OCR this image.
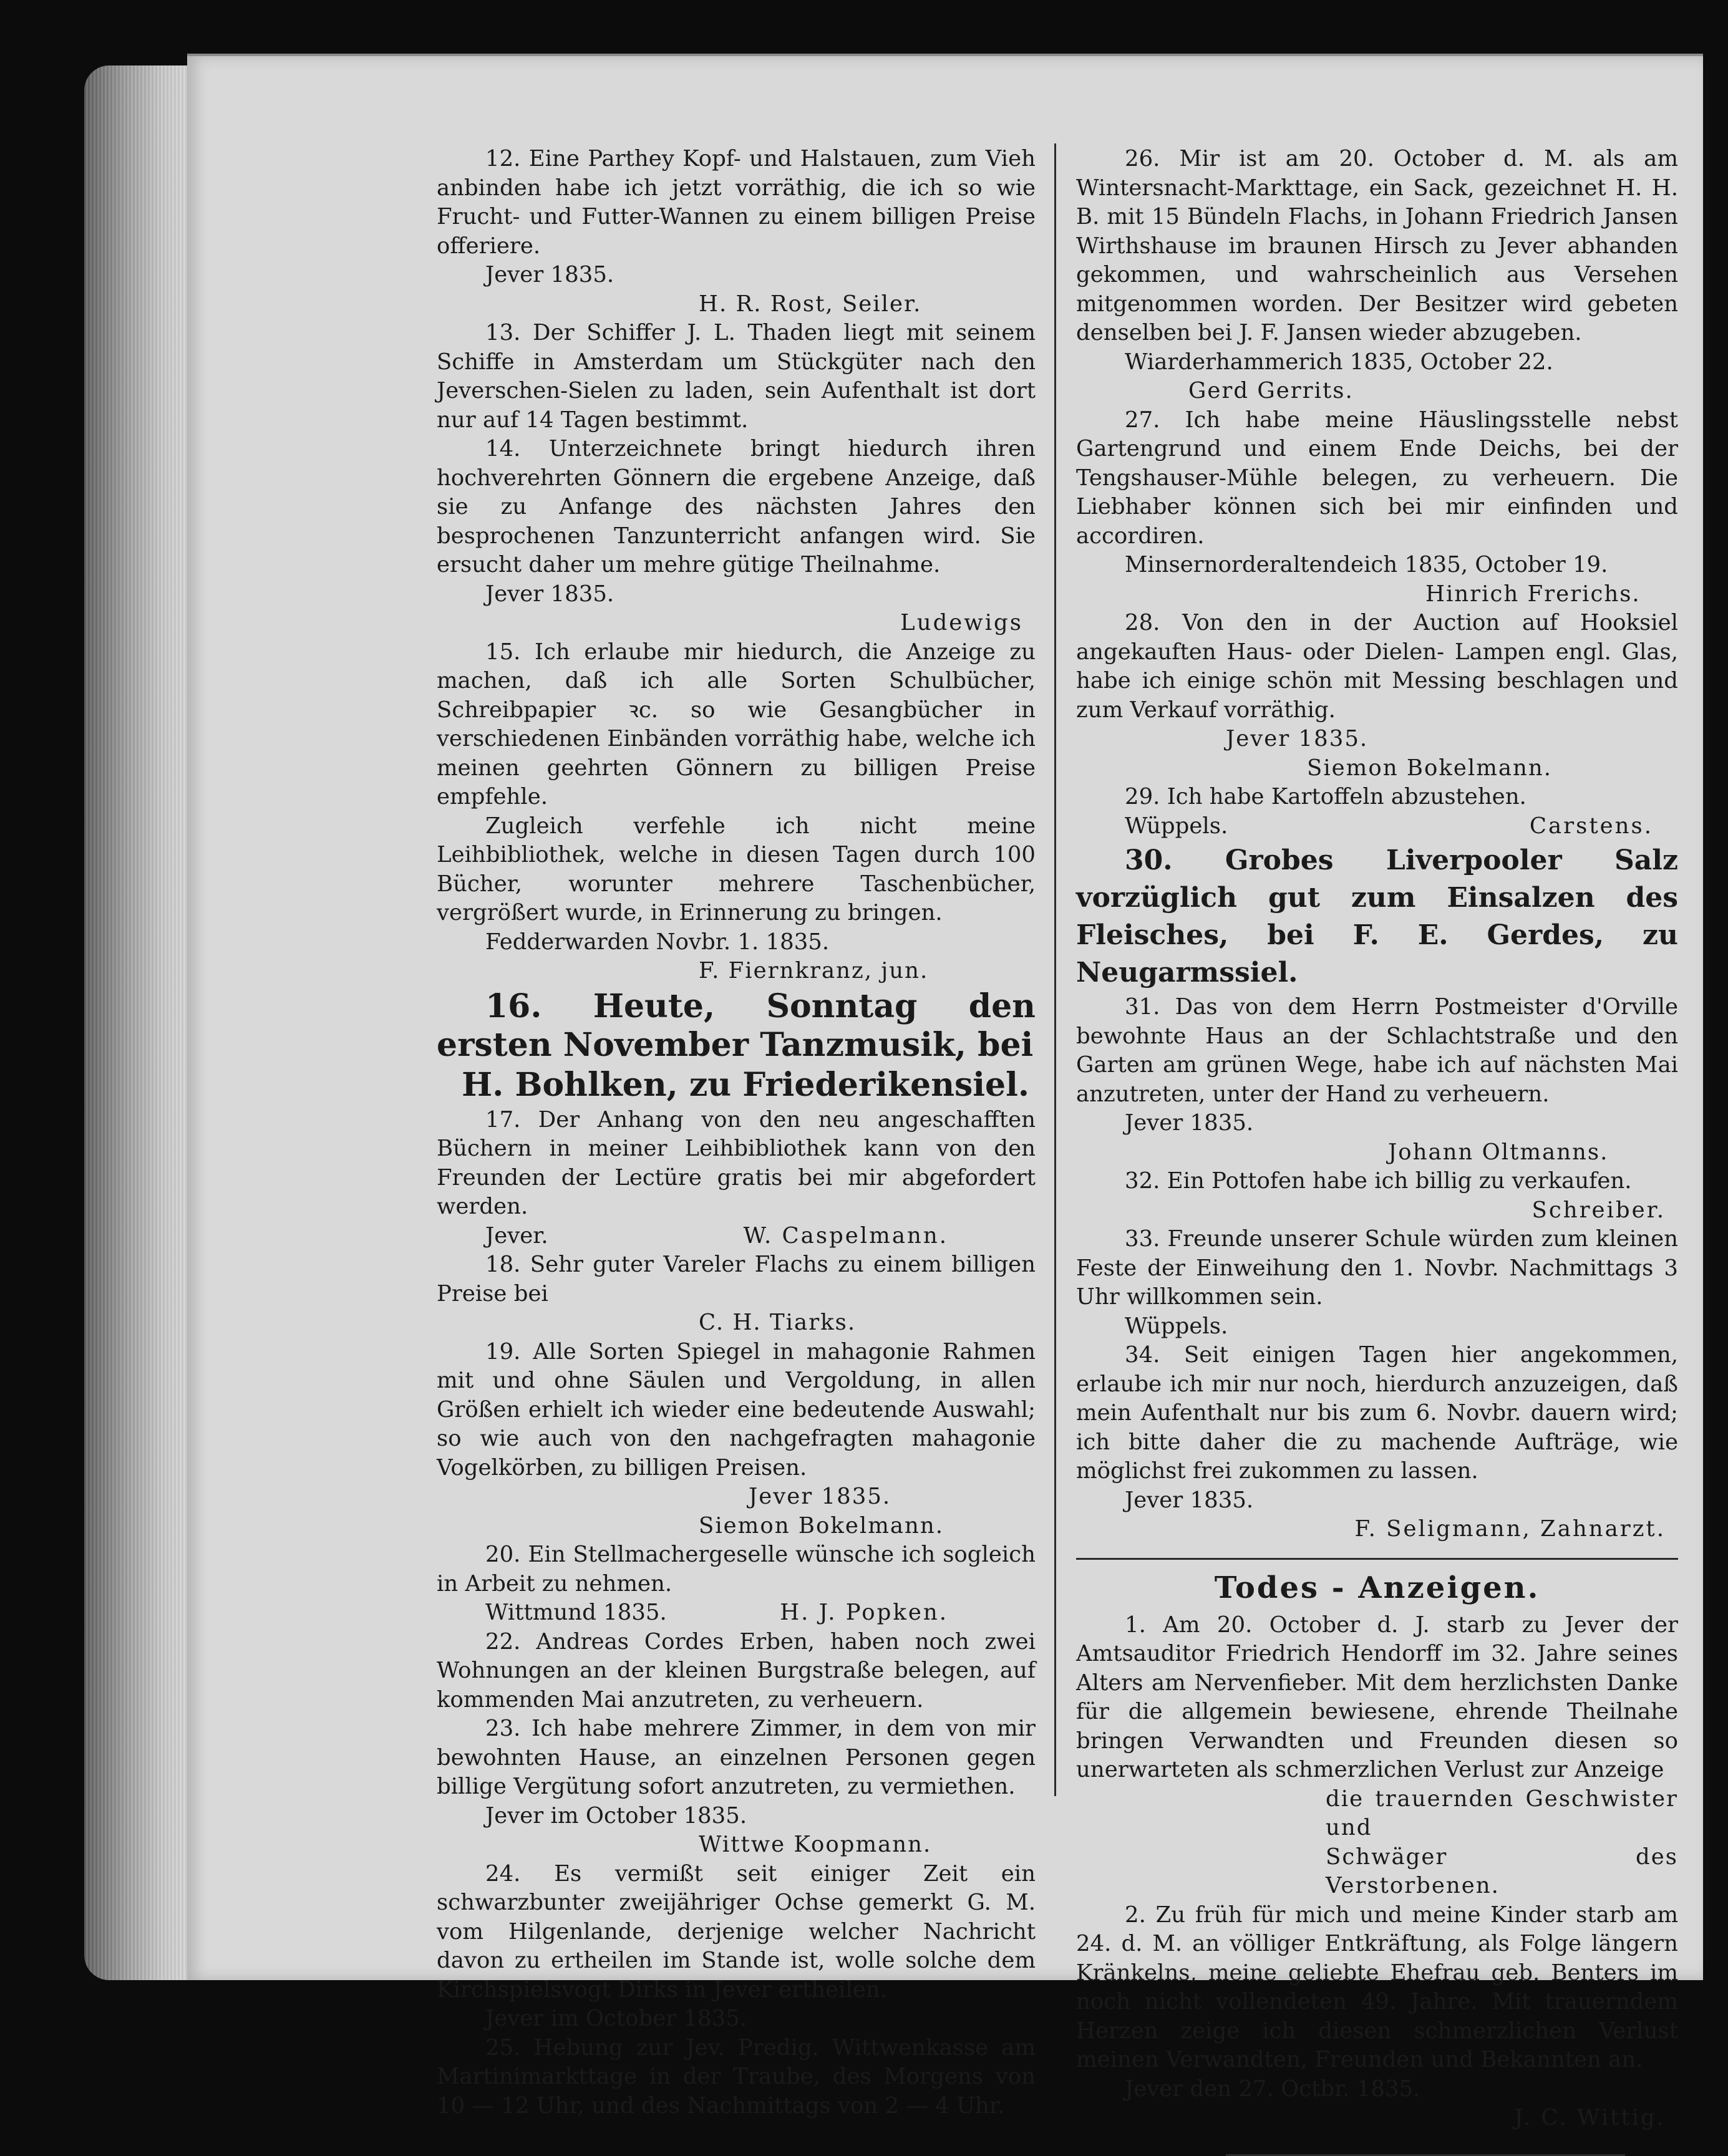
12. Eine Parthey Kopf- und Halstauen, zum Vieh anbinden habe ich jetzt vorräthig, die ich so wie Frucht- und Futter-Wannen zu einem billigen Preise offeriere.

Jever 1835.

H. R. Rost, Seiler.

13. Der Schiffer J. L. Thaden liegt mit seinem Schiffe in Amsterdam um Stückgüter nach den Jeverschen-Sielen zu laden, sein Aufenthalt ist dort nur auf 14 Tagen bestimmt.

14. Unterzeichnete bringt hiedurch ihren hochverehrten Gönnern die ergebene Anzeige, daß sie zu Anfange des nächsten Jahres den besprochenen Tanzunterricht anfangen wird. Sie ersucht daher um mehre gütige Theilnahme.

Jever 1835.

Ludewigs

15. Ich erlaube mir hiedurch, die Anzeige zu machen, daß ich alle Sorten Schulbücher, Schreibpapier ꝛc. so wie Gesangbücher in verschiedenen Einbänden vorräthig habe, welche ich meinen geehrten Gönnern zu billigen Preise empfehle.

Zugleich verfehle ich nicht meine Leihbibliothek, welche in diesen Tagen durch 100 Bücher, worunter mehrere Taschenbücher, vergrößert wurde, in Erinnerung zu bringen.

Fedderwarden Novbr. 1. 1835.

F. Fiernkranz, jun.

16. Heute, Sonntag den ersten November Tanzmusik, bei

H. Bohlken, zu Friederikensiel.

17. Der Anhang von den neu angeschafften Büchern in meiner Leihbibliothek kann von den Freunden der Lectüre gratis bei mir abgefordert werden.

Jever.	W. Caspelmann.

18. Sehr guter Vareler Flachs zu einem billigen Preise bei

C. H. Tiarks.

19. Alle Sorten Spiegel in mahagonie Rahmen mit und ohne Säulen und Vergoldung, in allen Größen erhielt ich wieder eine bedeutende Auswahl; so wie auch von den nachgefragten mahagonie Vogelkörben, zu billigen Preisen.

Jever 1835.

Siemon Bokelmann.

20. Ein Stellmachergeselle wünsche ich sogleich in Arbeit zu nehmen.

Wittmund 1835.	H. J. Popken.

22. Andreas Cordes Erben, haben noch zwei Wohnungen an der kleinen Burgstraße belegen, auf kommenden Mai anzutreten, zu verheuern.

23. Ich habe mehrere Zimmer, in dem von mir bewohnten Hause, an einzelnen Personen gegen billige Vergütung sofort anzutreten, zu vermiethen.

Jever im October 1835.

Wittwe Koopmann.

24. Es vermißt seit einiger Zeit ein schwarzbunter zweijähriger Ochse gemerkt G. M. vom Hilgenlande, derjenige welcher Nachricht davon zu ertheilen im Stande ist, wolle solche dem Kirchspielsvogt Dirks in Jever ertheilen.

Jever im October 1835.

25. Hebung zur Jev. Predig. Wittwenkasse am Martinimarkttage in der Traube, des Morgens von 10 — 12 Uhr, und des Nachmittags von 2 — 4 Uhr.

26. Mir ist am 20. October d. M. als am Wintersnacht-Markttage, ein Sack, gezeichnet H. H. B. mit 15 Bündeln Flachs, in Johann Friedrich Jansen Wirthshause im braunen Hirsch zu Jever abhanden gekommen, und wahrscheinlich aus Versehen mitgenommen worden. Der Besitzer wird gebeten denselben bei J. F. Jansen wieder abzugeben.

Wiarderhammerich 1835, October 22.

Gerd Gerrits.

27. Ich habe meine Häuslingsstelle nebst Gartengrund und einem Ende Deichs, bei der Tengshauser-Mühle belegen, zu verheuern. Die Liebhaber können sich bei mir einfinden und accordiren.

Minsernorderaltendeich 1835, October 19.

Hinrich Frerichs.

28. Von den in der Auction auf Hooksiel angekauften Haus- oder Dielen- Lampen engl. Glas, habe ich einige schön mit Messing beschlagen und zum Verkauf vorräthig.

Jever 1835.

Siemon Bokelmann.

29. Ich habe Kartoffeln abzustehen.

Wüppels.	Carstens.

30. Grobes Liverpooler Salz vorzüglich gut zum Einsalzen des Fleisches, bei F. E. Gerdes, zu Neugarmssiel.

31. Das von dem Herrn Postmeister d'Orville bewohnte Haus an der Schlachtstraße und den Garten am grünen Wege, habe ich auf nächsten Mai anzutreten, unter der Hand zu verheuern.

Jever 1835.

Johann Oltmanns.

32. Ein Pottofen habe ich billig zu verkaufen.

Schreiber.

33. Freunde unserer Schule würden zum kleinen Feste der Einweihung den 1. Novbr. Nachmittags 3 Uhr willkommen sein.

Wüppels.

34. Seit einigen Tagen hier angekommen, erlaube ich mir nur noch, hierdurch anzuzeigen, daß mein Aufenthalt nur bis zum 6. Novbr. dauern wird; ich bitte daher die zu machende Aufträge, wie möglichst frei zukommen zu lassen.

Jever 1835.

F. Seligmann, Zahnarzt.

Todes - Anzeigen.

1. Am 20. October d. J. starb zu Jever der Amtsauditor Friedrich Hendorff im 32. Jahre seines Alters am Nervenfieber. Mit dem herzlichsten Danke für die allgemein bewiesene, ehrende Theilnahe bringen Verwandten und Freunden diesen so unerwarteten als schmerzlichen Verlust zur Anzeige

die trauernden Geschwister und

Schwäger des Verstorbenen.

2. Zu früh für mich und meine Kinder starb am 24. d. M. an völliger Entkräftung, als Folge längern Kränkelns, meine geliebte Ehefrau geb. Benters im noch nicht vollendeten 49. Jahre. Mit trauerndem Herzen zeige ich diesen schmerzlichen Verlust meinen Verwandten, Freunden und Bekannten an.

Jever den 27. Octbr. 1835.

J. C. Wittig.
